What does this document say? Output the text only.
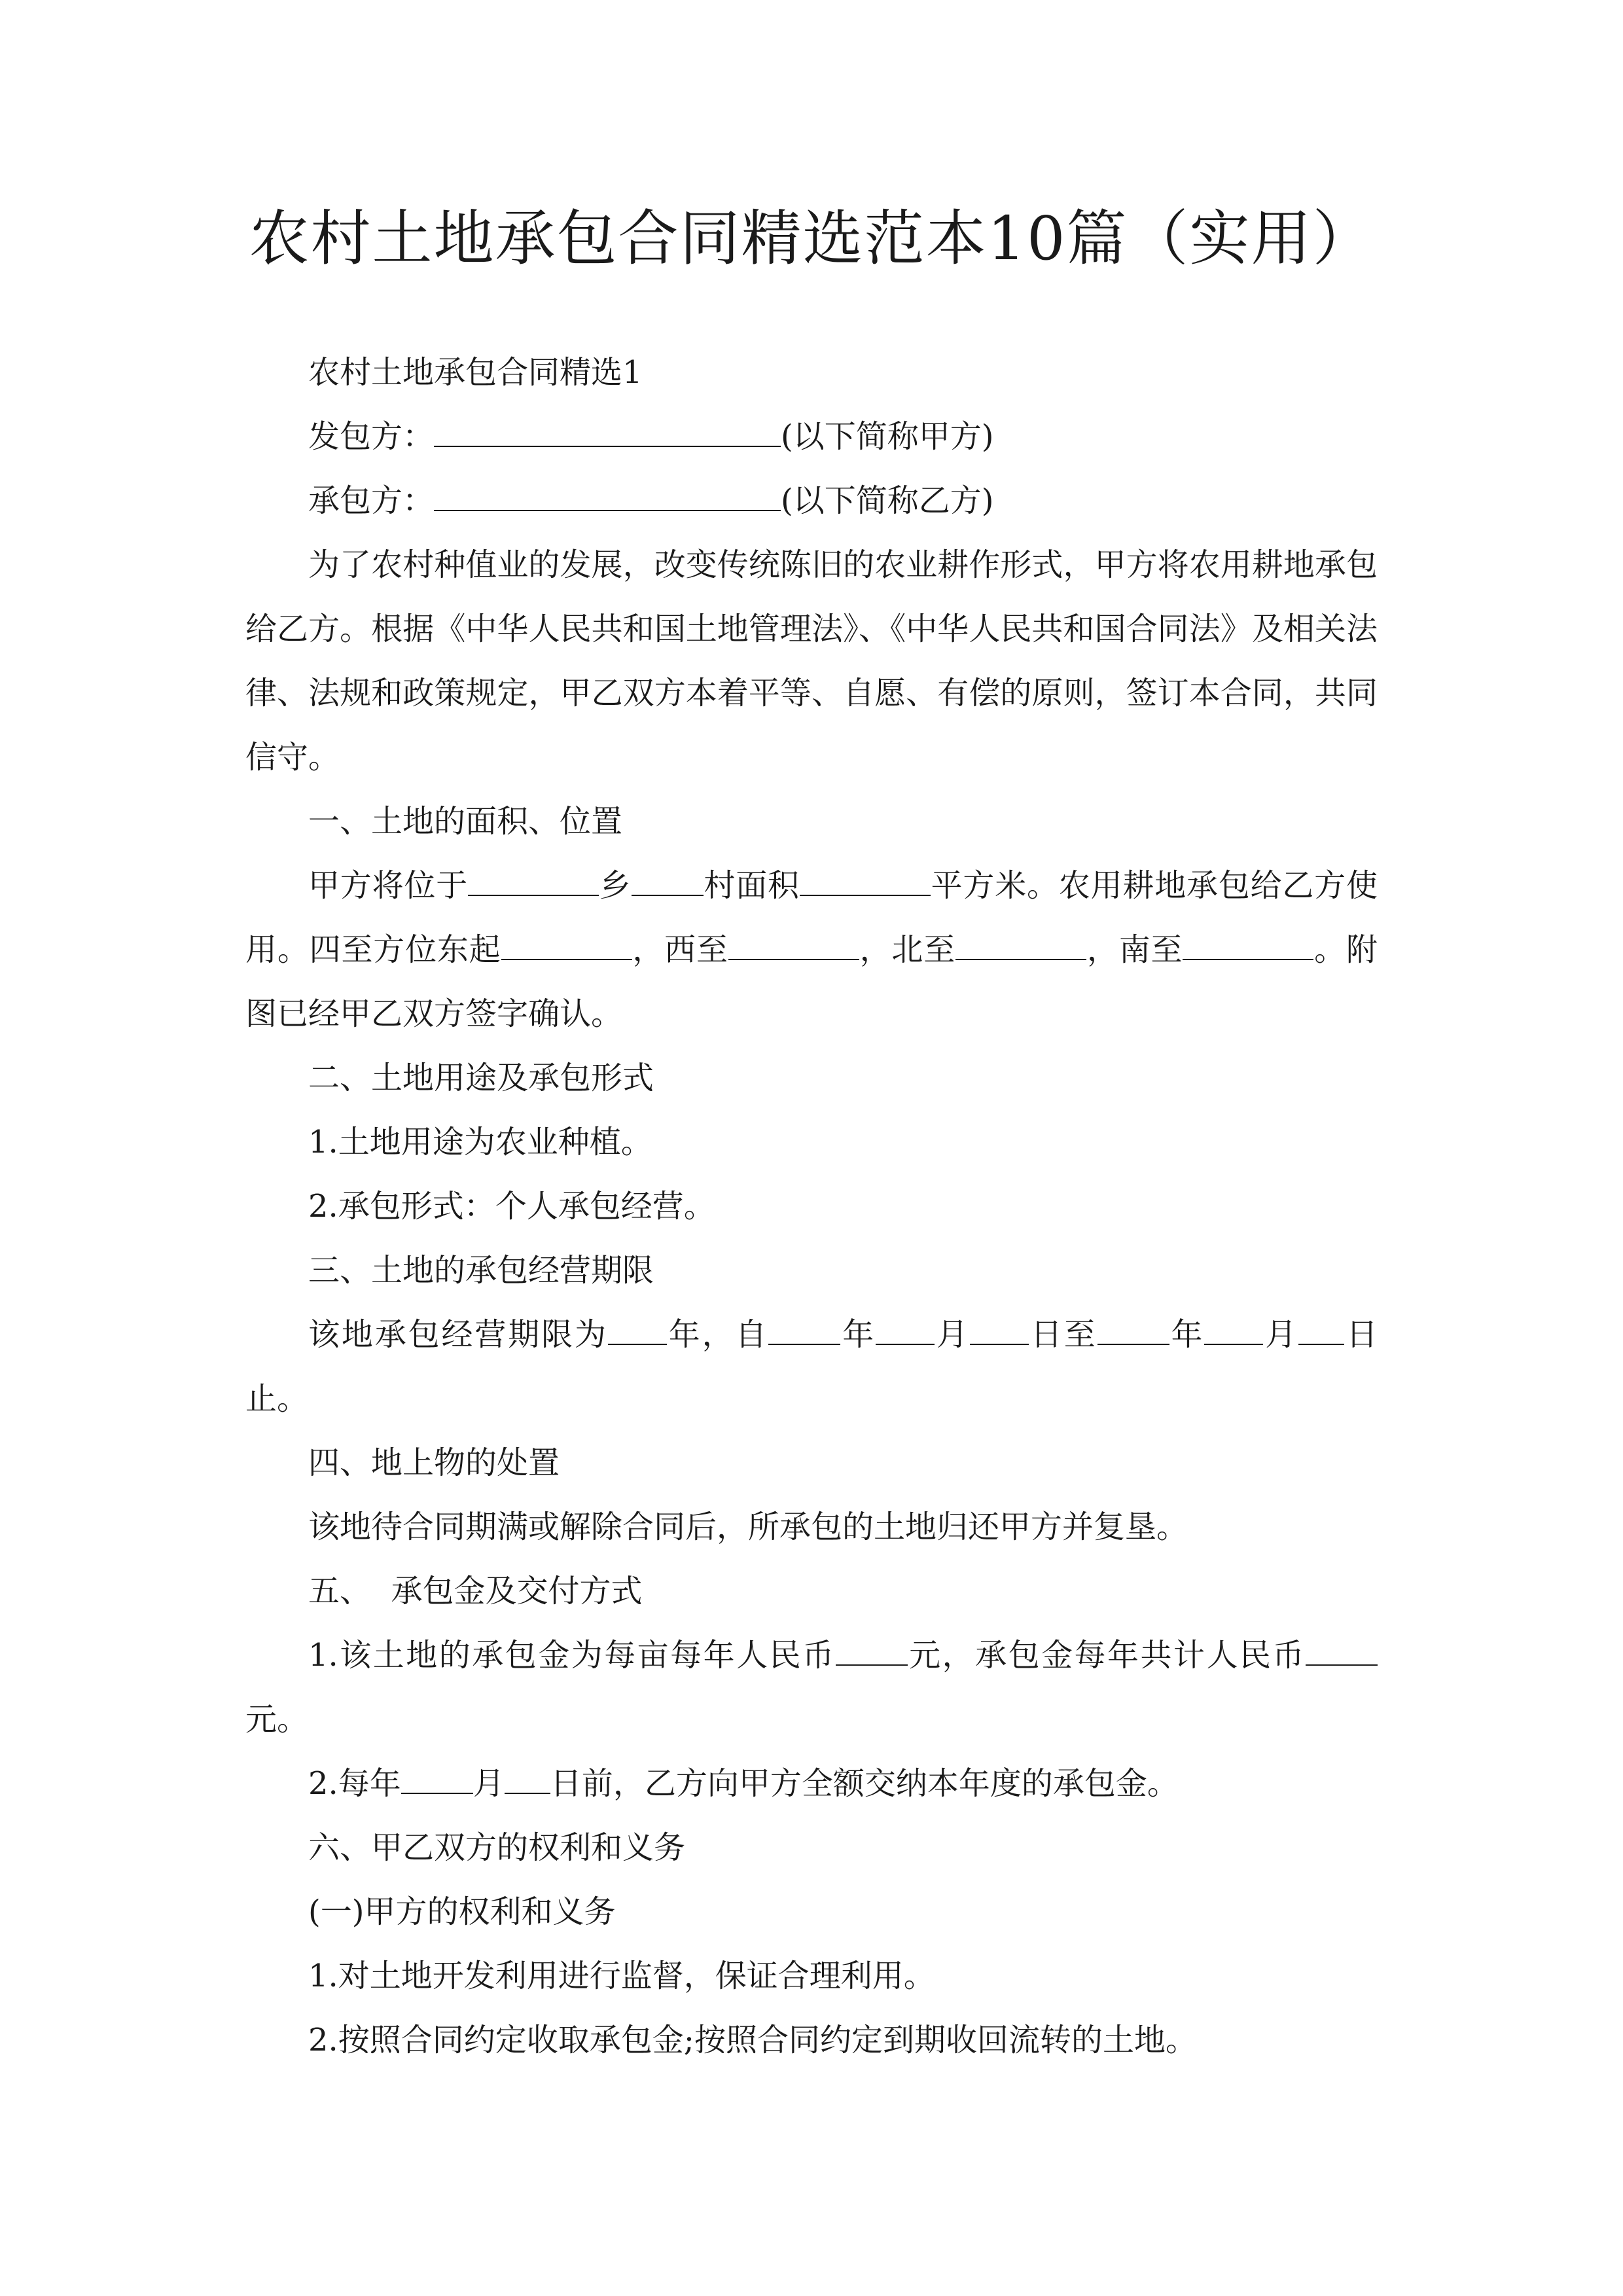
农村土地承包合同精选范本10篇（实用）

农村土地承包合同精选1

发包方：	(以下简称甲方)

承包方：	(以下简称乙方)

为了农村种值业的发展，改变传统陈旧的农业耕作形式，甲方将农用耕地承包给乙方。根据《中华人民共和国土地管理法》、《中华人民共和国合同法》及相关法律、法规和政策规定，甲乙双方本着平等、自愿、有偿的原则，签订本合同，共同信守。

一、土地的面积、位置

甲方将位于	乡 村面积	平方米。农用耕地承包给乙方使用。四至方位东起	，西至	，北至	，南至	。附图已经甲乙双方签字确认。

二、土地用途及承包形式

1.土地用途为农业种植。

2.承包形式：个人承包经营。

三、土地的承包经营期限

该地承包经营期限为 年，自 年 月 日至 年 月 日止。

四、地上物的处置

该地待合同期满或解除合同后，所承包的土地归还甲方并复垦。

五、  承包金及交付方式

1.该土地的承包金为每亩每年人民币 元，承包金每年共计人民币元。

2.每年 月 日前，乙方向甲方全额交纳本年度的承包金。

六、甲乙双方的权利和义务

(一)甲方的权利和义务

1.对土地开发利用进行监督，保证合理利用。

2.按照合同约定收取承包金;按照合同约定到期收回流转的土地。
